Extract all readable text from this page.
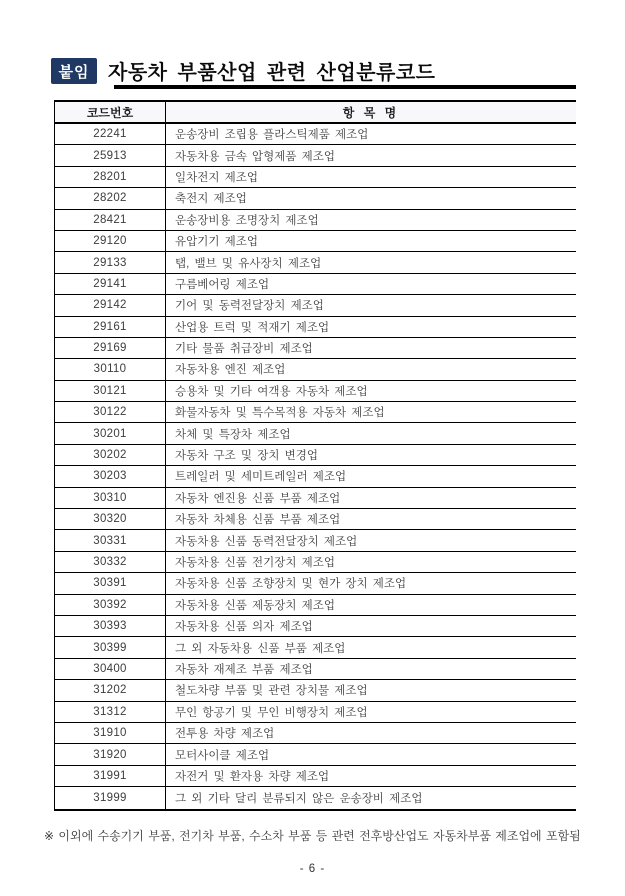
붙임 자동차 부품산업 관련 산업분류코드
코드번호	항 목 명
22241	운송장비 조립용 플라스틱제품 제조업
25913	자동차용 금속 압형제품 제조업
28201	일차전지 제조업
28202	축전지 제조업
28421	운송장비용 조명장치 제조업
29120	유압기기 제조업
29133	탭, 밸브 및 유사장치 제조업
29141	구름베어링 제조업
29142	기어 및 동력전달장치 제조업
29161	산업용 트럭 및 적재기 제조업
29169	기타 물품 취급장비 제조업
30110	자동차용 엔진 제조업
30121	승용차 및 기타 여객용 자동차 제조업
30122	화물자동차 및 특수목적용 자동차 제조업
30201	차체 및 특장차 제조업
30202	자동차 구조 및 장치 변경업
30203	트레일러 및 세미트레일러 제조업
30310	자동차 엔진용 신품 부품 제조업
30320	자동차 차체용 신품 부품 제조업
30331	자동차용 신품 동력전달장치 제조업
30332	자동차용 신품 전기장치 제조업
30391	자동차용 신품 조향장치 및 현가 장치 제조업
30392	자동차용 신품 제동장치 제조업
30393	자동차용 신품 의자 제조업
30399	그 외 자동차용 신품 부품 제조업
30400	자동차 재제조 부품 제조업
31202	철도차량 부품 및 관련 장치물 제조업
31312	무인 항공기 및 무인 비행장치 제조업
31910	전투용 차량 제조업
31920	모터사이클 제조업
31991	자전거 및 환자용 차량 제조업
31999	그 외 기타 달리 분류되지 않은 운송장비 제조업
※ 이외에 수송기기 부품, 전기차 부품, 수소차 부품 등 관련 전후방산업도 자동차부품 제조업에 포함됨
- 6 -
